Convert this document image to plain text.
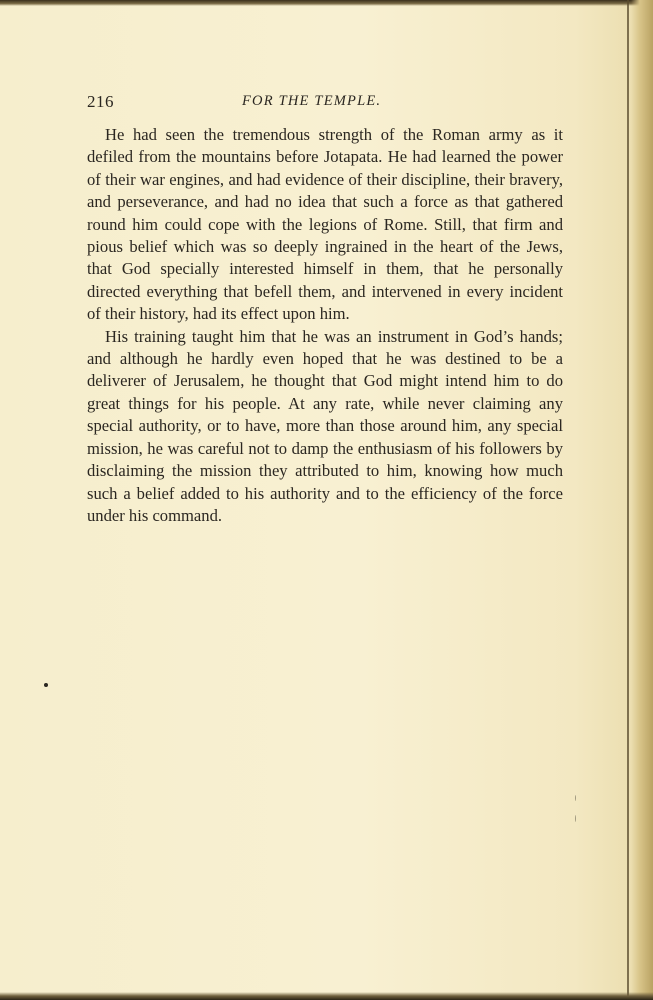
216	FOR THE TEMPLE.

He had seen the tremendous strength of the Roman army as it defiled from the mountains before Jotapata. He had learned the power of their war engines, and had evidence of their discipline, their bravery, and perseverance, and had no idea that such a force as that gathered round him could cope with the legions of Rome. Still, that firm and pious belief which was so deeply ingrained in the heart of the Jews, that God specially interested himself in them, that he personally directed everything that befell them, and intervened in every incident of their history, had its effect upon him.

His training taught him that he was an instrument in God’s hands; and although he hardly even hoped that he was destined to be a deliverer of Jerusalem, he thought that God might intend him to do great things for his people. At any rate, while never claiming any special authority, or to have, more than those around him, any special mission, he was careful not to damp the enthusiasm of his followers by disclaiming the mission they attributed to him, knowing how much such a belief added to his authority and to the efficiency of the force under his command.
